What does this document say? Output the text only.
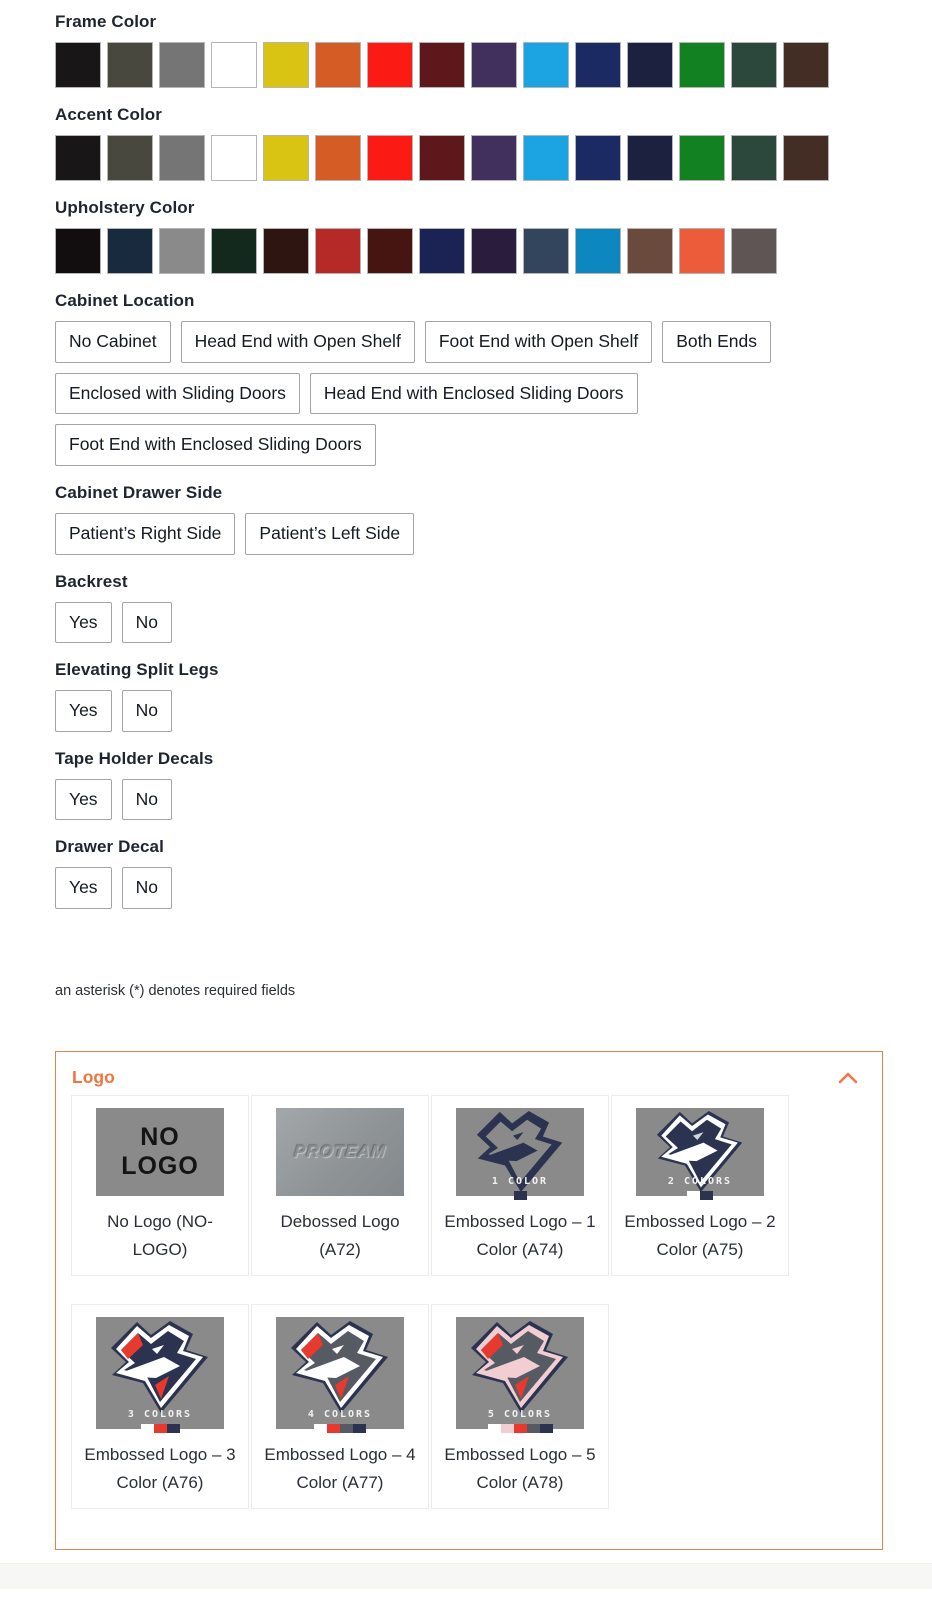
Frame Color
Accent Color
Upholstery Color
Cabinet Location
No Cabinet	Head End with Open Shelf	Foot End with Open Shelf	Both Ends
Enclosed with Sliding Doors	Head End with Enclosed Sliding Doors
Foot End with Enclosed Sliding Doors
Cabinet Drawer Side
Patient’s Right Side	Patient’s Left Side
Backrest
Yes	No
Elevating Split Legs
Yes	No
Tape Holder Decals
Yes	No
Drawer Decal
Yes	No
an asterisk (*) denotes required fields
Logo
NO LOGO
No Logo (NO-LOGO)
PROTEAM
Debossed Logo (A72)
1 COLOR
Embossed Logo – 1 Color (A74)
2 COLORS
Embossed Logo – 2 Color (A75)
3 COLORS
Embossed Logo – 3 Color (A76)
4 COLORS
Embossed Logo – 4 Color (A77)
5 COLORS
Embossed Logo – 5 Color (A78)
